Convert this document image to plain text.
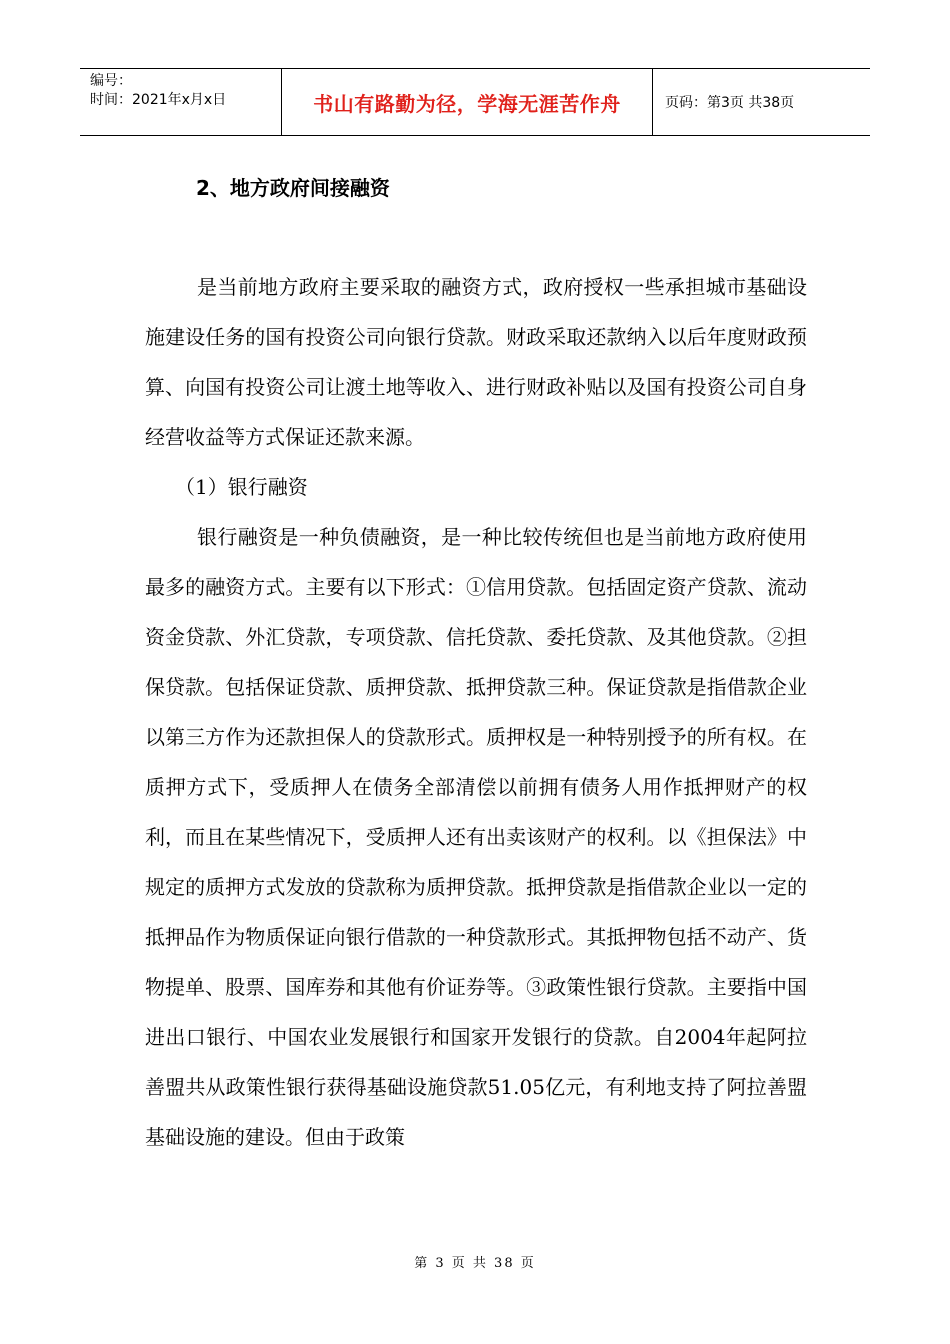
编号：
时间：2021年x月x日	书山有路勤为径，学海无涯苦作舟	页码：第3页 共38页
2、地方政府间接融资
是当前地方政府主要采取的融资方式，政府授权一些承担城市基础设施建设任务的国有投资公司向银行贷款。财政采取还款纳入以后年度财政预算、向国有投资公司让渡土地等收入、进行财政补贴以及国有投资公司自身经营收益等方式保证还款来源。
（1）银行融资
银行融资是一种负债融资，是一种比较传统但也是当前地方政府使用最多的融资方式。主要有以下形式：①信用贷款。包括固定资产贷款、流动资金贷款、外汇贷款，专项贷款、信托贷款、委托贷款、及其他贷款。②担保贷款。包括保证贷款、质押贷款、抵押贷款三种。保证贷款是指借款企业以第三方作为还款担保人的贷款形式。质押权是一种特别授予的所有权。在质押方式下，受质押人在债务全部清偿以前拥有债务人用作抵押财产的权利，而且在某些情况下，受质押人还有出卖该财产的权利。以《担保法》中规定的质押方式发放的贷款称为质押贷款。抵押贷款是指借款企业以一定的抵押品作为物质保证向银行借款的一种贷款形式。其抵押物包括不动产、货物提单、股票、国库券和其他有价证券等。③政策性银行贷款。主要指中国进出口银行、中国农业发展银行和国家开发银行的贷款。自2004年起阿拉善盟共从政策性银行获得基础设施贷款51.05亿元，有利地支持了阿拉善盟基础设施的建设。但由于政策
第 3 页 共 38 页
